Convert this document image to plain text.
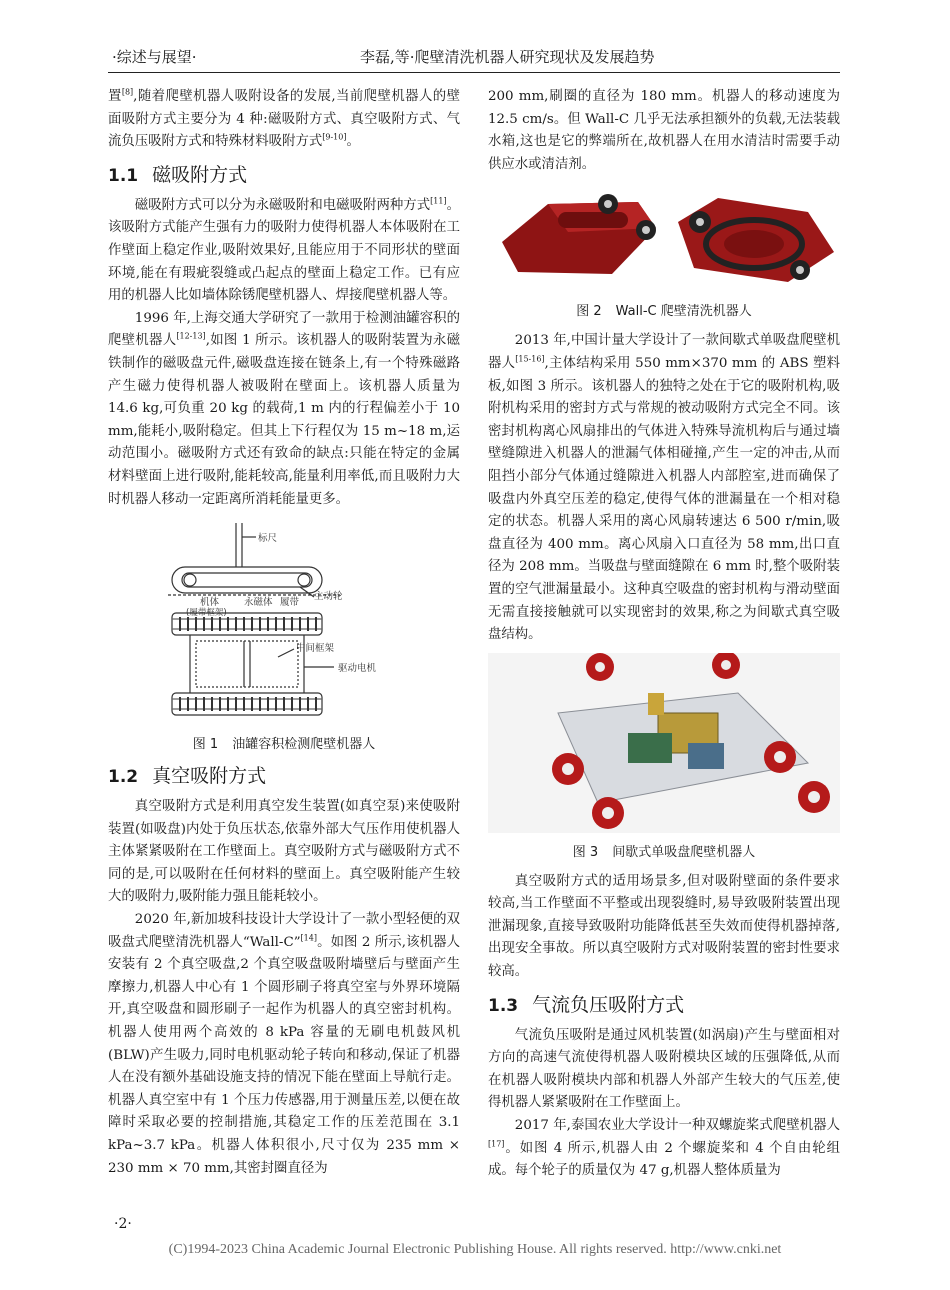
·综述与展望·	李磊,等·爬壁清洗机器人研究现状及发展趋势

置[8],随着爬壁机器人吸附设备的发展,当前爬壁机器人的壁面吸附方式主要分为 4 种:磁吸附方式、真空吸附方式、气流负压吸附方式和特殊材料吸附方式[9-10]。

1.1 磁吸附方式

磁吸附方式可以分为永磁吸附和电磁吸附两种方式[11]。该吸附方式能产生强有力的吸附力使得机器人本体吸附在工作壁面上稳定作业,吸附效果好,且能应用于不同形状的壁面环境,能在有瑕疵裂缝或凸起点的壁面上稳定工作。已有应用的机器人比如墙体除锈爬壁机器人、焊接爬壁机器人等。

1996 年,上海交通大学研究了一款用于检测油罐容积的爬壁机器人[12-13],如图 1 所示。该机器人的吸附装置为永磁铁制作的磁吸盘元件,磁吸盘连接在链条上,有一个特殊磁路产生磁力使得机器人被吸附在壁面上。该机器人质量为 14.6 kg,可负重 20 kg 的载荷,1 m 内的行程偏差小于 10 mm,能耗小,吸附稳定。但其上下行程仅为 15 m~18 m,运动范围小。磁吸附方式还有致命的缺点:只能在特定的金属材料壁面上进行吸附,能耗较高,能量利用率低,而且吸附力大时机器人移动一定距离所消耗能量更多。

标尺
机体
(履带框架)
永磁体 履带
主动轮
中间框架
驱动电机
图 1 油罐容积检测爬壁机器人
1.2 真空吸附方式

真空吸附方式是利用真空发生装置(如真空泵)来使吸附装置(如吸盘)内处于负压状态,依靠外部大气压作用使机器人主体紧紧吸附在工作壁面上。真空吸附方式与磁吸附方式不同的是,可以吸附在任何材料的壁面上。真空吸附能产生较大的吸附力,吸附能力强且能耗较小。

2020 年,新加坡科技设计大学设计了一款小型轻便的双吸盘式爬壁清洗机器人“Wall-C”[14]。如图 2 所示,该机器人安装有 2 个真空吸盘,2 个真空吸盘吸附墙壁后与壁面产生摩擦力,机器人中心有 1 个圆形刷子将真空室与外界环境隔开,真空吸盘和圆形刷子一起作为机器人的真空密封机构。机器人使用两个高效的 8 kPa 容量的无刷电机鼓风机(BLW)产生吸力,同时电机驱动轮子转向和移动,保证了机器人在没有额外基础设施支持的情况下能在壁面上导航行走。机器人真空室中有 1 个压力传感器,用于测量压差,以便在故障时采取必要的控制措施,其稳定工作的压差范围在 3.1 kPa~3.7 kPa。机器人体积很小,尺寸仅为 235 mm × 230 mm × 70 mm,其密封圈直径为

200 mm,刷圈的直径为 180 mm。机器人的移动速度为 12.5 cm/s。但 Wall-C 几乎无法承担额外的负载,无法装载水箱,这也是它的弊端所在,故机器人在用水清洁时需要手动供应水或清洁剂。

图 2 Wall-C 爬壁清洗机器人

2013 年,中国计量大学设计了一款间歇式单吸盘爬壁机器人[15-16],主体结构采用 550 mm×370 mm 的 ABS 塑料板,如图 3 所示。该机器人的独特之处在于它的吸附机构,吸附机构采用的密封方式与常规的被动吸附方式完全不同。该密封机构离心风扇排出的气体进入特殊导流机构后与通过墙壁缝隙进入机器人的泄漏气体相碰撞,产生一定的冲击,从而阻挡小部分气体通过缝隙进入机器人内部腔室,进而确保了吸盘内外真空压差的稳定,使得气体的泄漏量在一个相对稳定的状态。机器人采用的离心风扇转速达 6 500 r/min,吸盘直径为 400 mm。离心风扇入口直径为 58 mm,出口直径为 208 mm。当吸盘与壁面缝隙在 6 mm 时,整个吸附装置的空气泄漏量最小。这种真空吸盘的密封机构与滑动壁面无需直接接触就可以实现密封的效果,称之为间歇式真空吸盘结构。

图 3 间歇式单吸盘爬壁机器人

真空吸附方式的适用场景多,但对吸附壁面的条件要求较高,当工作壁面不平整或出现裂缝时,易导致吸附装置出现泄漏现象,直接导致吸附功能降低甚至失效而使得机器掉落,出现安全事故。所以真空吸附方式对吸附装置的密封性要求较高。

1.3 气流负压吸附方式

气流负压吸附是通过风机装置(如涡扇)产生与壁面相对方向的高速气流使得机器人吸附模块区域的压强降低,从而在机器人吸附模块内部和机器人外部产生较大的气压差,使得机器人紧紧吸附在工作壁面上。

2017 年,泰国农业大学设计一种双螺旋桨式爬壁机器人[17]。如图 4 所示,机器人由 2 个螺旋桨和 4 个自由轮组成。每个轮子的质量仅为 47 g,机器人整体质量为

·2·
(C)1994-2023 China Academic Journal Electronic Publishing House. All rights reserved. http://www.cnki.net
